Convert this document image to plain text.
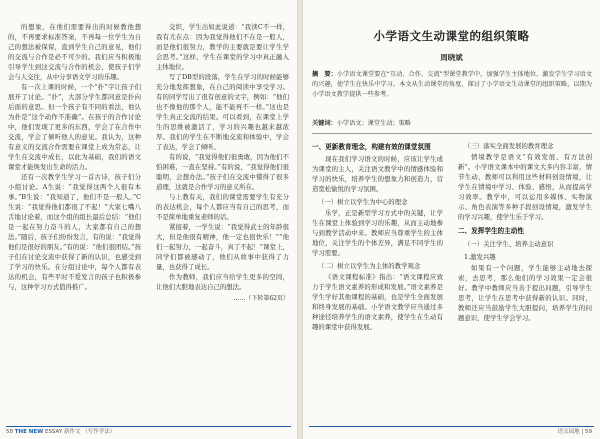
的想象，在他们需要得出的时候教他想的，不再要求标准答案，不再每一位学生为自己的想法被保留，直到学生自己的意见，他们的交流与合作是必不可少的。我们应当积极地引导学生到这交流与合作的机会，使孩子们学会与人交往，从中分享语文学习的乐趣。

有一次上课的时候，一个“扑”字让孩子们展开了讨论。“扑”，大部分学生都同意是扑向后面的意思。但一个孩子有不同的看法，他认为扑是“这个动作不准确”。在孩子的合作讨论中，他们发现了更多的东西，学会了在合作中交流，学会了倾听他人的意见。我认为，这种有意义的交流合作需要在课堂上成为常态，让学生在交流中成长，以此为基础，我们的语文课堂才能焕发出生命的活力。

还有一次教学生学习一首古诗，孩子们分小组讨论。A生说：“我觉得这两个人很有本事。”B生说：“我知道了，他们不是一般人。”C生说：“我觉得他们都很了不起！”大家七嘴八舌地讨论着，而这个组的组长最后总结：“他们是一起在努力奋斗的人，大家都有自己的想法。”随后，孩子们纷纷发言，有的说：“我觉得他们是很好的朋友。”有的说：“他们很团结。”孩子们在讨论交流中获得了新的认识，也感受到了学习的快乐。在分组讨论中，每个人都有表达的机会，有些平时不爱发言的孩子也积极参与，这种学习方式值得推广。

交织，学生出如此说道：“我读C不一样，我有尤在点：因为我觉得他们不在是一般人，而是他们很努力，教学的主要就是要让学生学会思考。”这样，学生在课堂的学习中真正融入主体地位。

写了DB型的段落，学生在学习的时候能够充分地发挥想象，在自己的阅读中享受学习。有的同学写出了很有创意的文字，例如：“他们也不像他的那个人，能不能再不一样。”这也是学生真正交流的结果。可以看到，在课堂上学生的思维被激活了，学习的兴趣也越来越浓厚。我们的学生在不断地交流和体验中，学会了表达，学会了倾听。

有的说，“我觉得他们很勇敢，因为他们不怕困难，一直在坚持。”有的说，“我觉得他们很聪明，会想办法。”孩子们在交流中懂得了很多道理，这就是合作学习的意义所在。

与上教有关，我们的课堂需要学生有充分的表达机会，每个人都应当有自己的思考，而不是简单地重复老师的话。

紧接着，一学生说：“我觉得武士的年龄很大，但是他很有精神，他一定也很快乐！”“他们一起努力，一起奋斗，真了不起！”课堂上，同学们都被感动了，他们从故事中获得了力量，也获得了成长。

作为教师，我们应当给学生更多的空间，让他们大胆地表达自己的想法。

……（下转第62页）
58 THE NEW ESSAY 新作文 （写作学法）
小学语文生动课堂的组织策略
周晓斌
摘　要：小学语文课堂要在“互动、合作、交流”型课堂教学中，加强学生主体地位，激发学生学习语文的兴趣，使学生在快乐中学习。本文从生动课堂的角度，探讨了小学语文生动课堂的组织策略，以期为小学语文教学提供一些参考。
关键词：小学语文；课堂生动；策略
一、更新教育理念，构建有效的课堂氛围

现在我们学习语文的时候，应该让学生成为课堂的主人，关注语文教学中的情感体验和学习的快乐，培养学生的想象力和创造力，营造宽松愉悦的学习氛围。

（一）树立以学生为中心的理念

乐学，正是新型学习方式中的关键，让学生在课堂上体验到学习的乐趣，从而主动地参与到教学活动中来。教师应当尊重学生的主体地位，关注学生的个体差异，满足不同学生的学习需要。

（二）树立以学生为主体的教学观念

《语文课程标准》指出：“语文课程应致力于学生语文素养的形成和发展。”语文素养是学生学好其他课程的基础，也是学生全面发展和终身发展的基础。小学语文教学应当通过多种途径培养学生的语文素养，使学生在生动有趣的课堂中获得发展。

（三）落实全面发展的教育理念

情境教学是语文“有效发展、有方法创新”。小学语文课本中的课文大多内容丰富，情节生动，教师可以利用这些材料创设情境，让学生在情境中学习、体验、感悟，从而提高学习效率。教学中，可以运用多媒体、实物演示、角色表演等多种手段创设情境，激发学生的学习兴趣，使学生乐于学习。

二、发挥学生的主动性
（一）关注学生、培养主动意识
1.激发兴趣

如果有一个问题，学生能够主动地去探索，去思考，那么他们的学习效果一定会很好。教学中教师应当善于提出问题，引导学生思考，让学生在思考中获得新的认识。同时，教师还应当鼓励学生大胆提问，培养学生的问题意识，使学生学会学习。

语文园地 | 59
